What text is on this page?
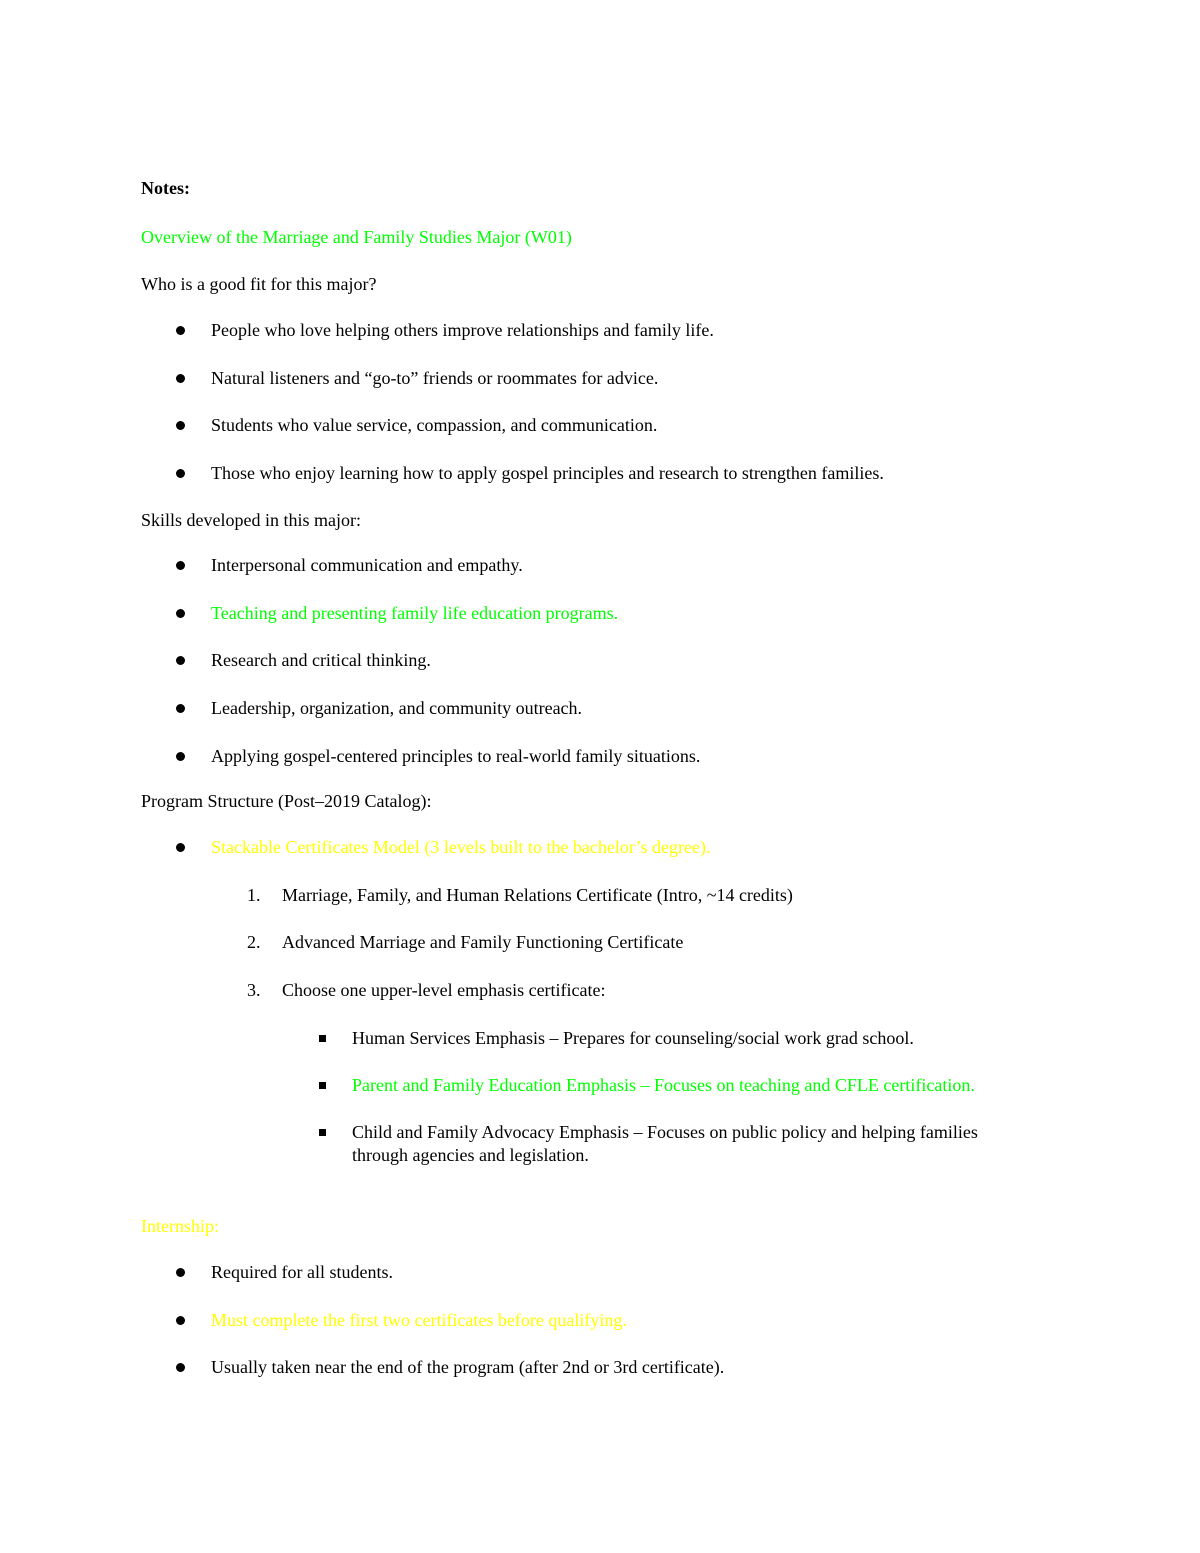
Notes:
Overview of the Marriage and Family Studies Major (W01)
Who is a good fit for this major?
People who love helping others improve relationships and family life.
Natural listeners and “go-to” friends or roommates for advice.
Students who value service, compassion, and communication.
Those who enjoy learning how to apply gospel principles and research to strengthen families.
Skills developed in this major:
Interpersonal communication and empathy.
Teaching and presenting family life education programs.
Research and critical thinking.
Leadership, organization, and community outreach.
Applying gospel-centered principles to real-world family situations.
Program Structure (Post–2019 Catalog):
Stackable Certificates Model (3 levels built to the bachelor’s degree).
1. Marriage, Family, and Human Relations Certificate (Intro, ~14 credits)
2. Advanced Marriage and Family Functioning Certificate
3. Choose one upper-level emphasis certificate:
Human Services Emphasis – Prepares for counseling/social work grad school.
Parent and Family Education Emphasis – Focuses on teaching and CFLE certification.
Child and Family Advocacy Emphasis – Focuses on public policy and helping families
through agencies and legislation.
Internship:
Required for all students.
Must complete the first two certificates before qualifying.
Usually taken near the end of the program (after 2nd or 3rd certificate).
